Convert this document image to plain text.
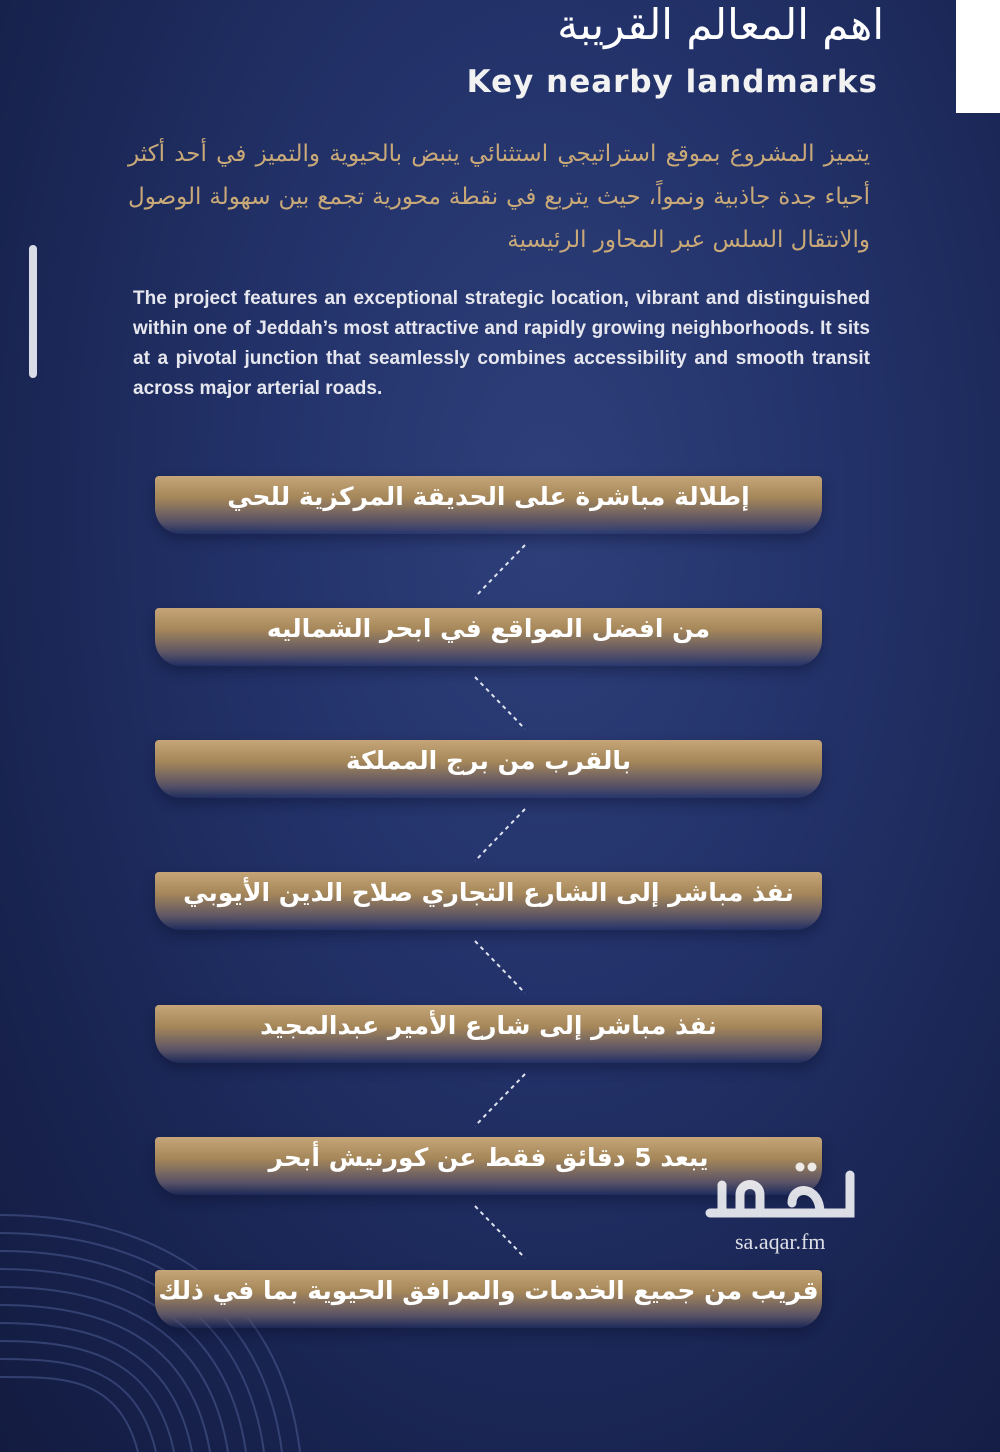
اهم المعالم القريبة
Key nearby landmarks
يتميز المشروع بموقع استراتيجي استثنائي ينبض بالحيوية والتميز في أحد أكثر أحياء جدة جاذبية ونمواً، حيث يتربع في نقطة محورية تجمع بين سهولة الوصول والانتقال السلس عبر المحاور الرئيسية
The project features an exceptional strategic location, vibrant and distinguished within one of Jeddah’s most attractive and rapidly growing neighborhoods. It sits at a pivotal junction that seamlessly combines accessibility and smooth transit across major arterial roads.
إطلالة مباشرة على الحديقة المركزية للحي
من افضل المواقع في ابحر الشماليه
بالقرب من برج المملكة
نفذ مباشر إلى الشارع التجاري صلاح الدين الأيوبي
نفذ مباشر إلى شارع الأمير عبدالمجيد
يبعد 5 دقائق فقط عن كورنيش أبحر
قريب من جميع الخدمات والمرافق الحيوية بما في ذلك
sa.aqar.fm
